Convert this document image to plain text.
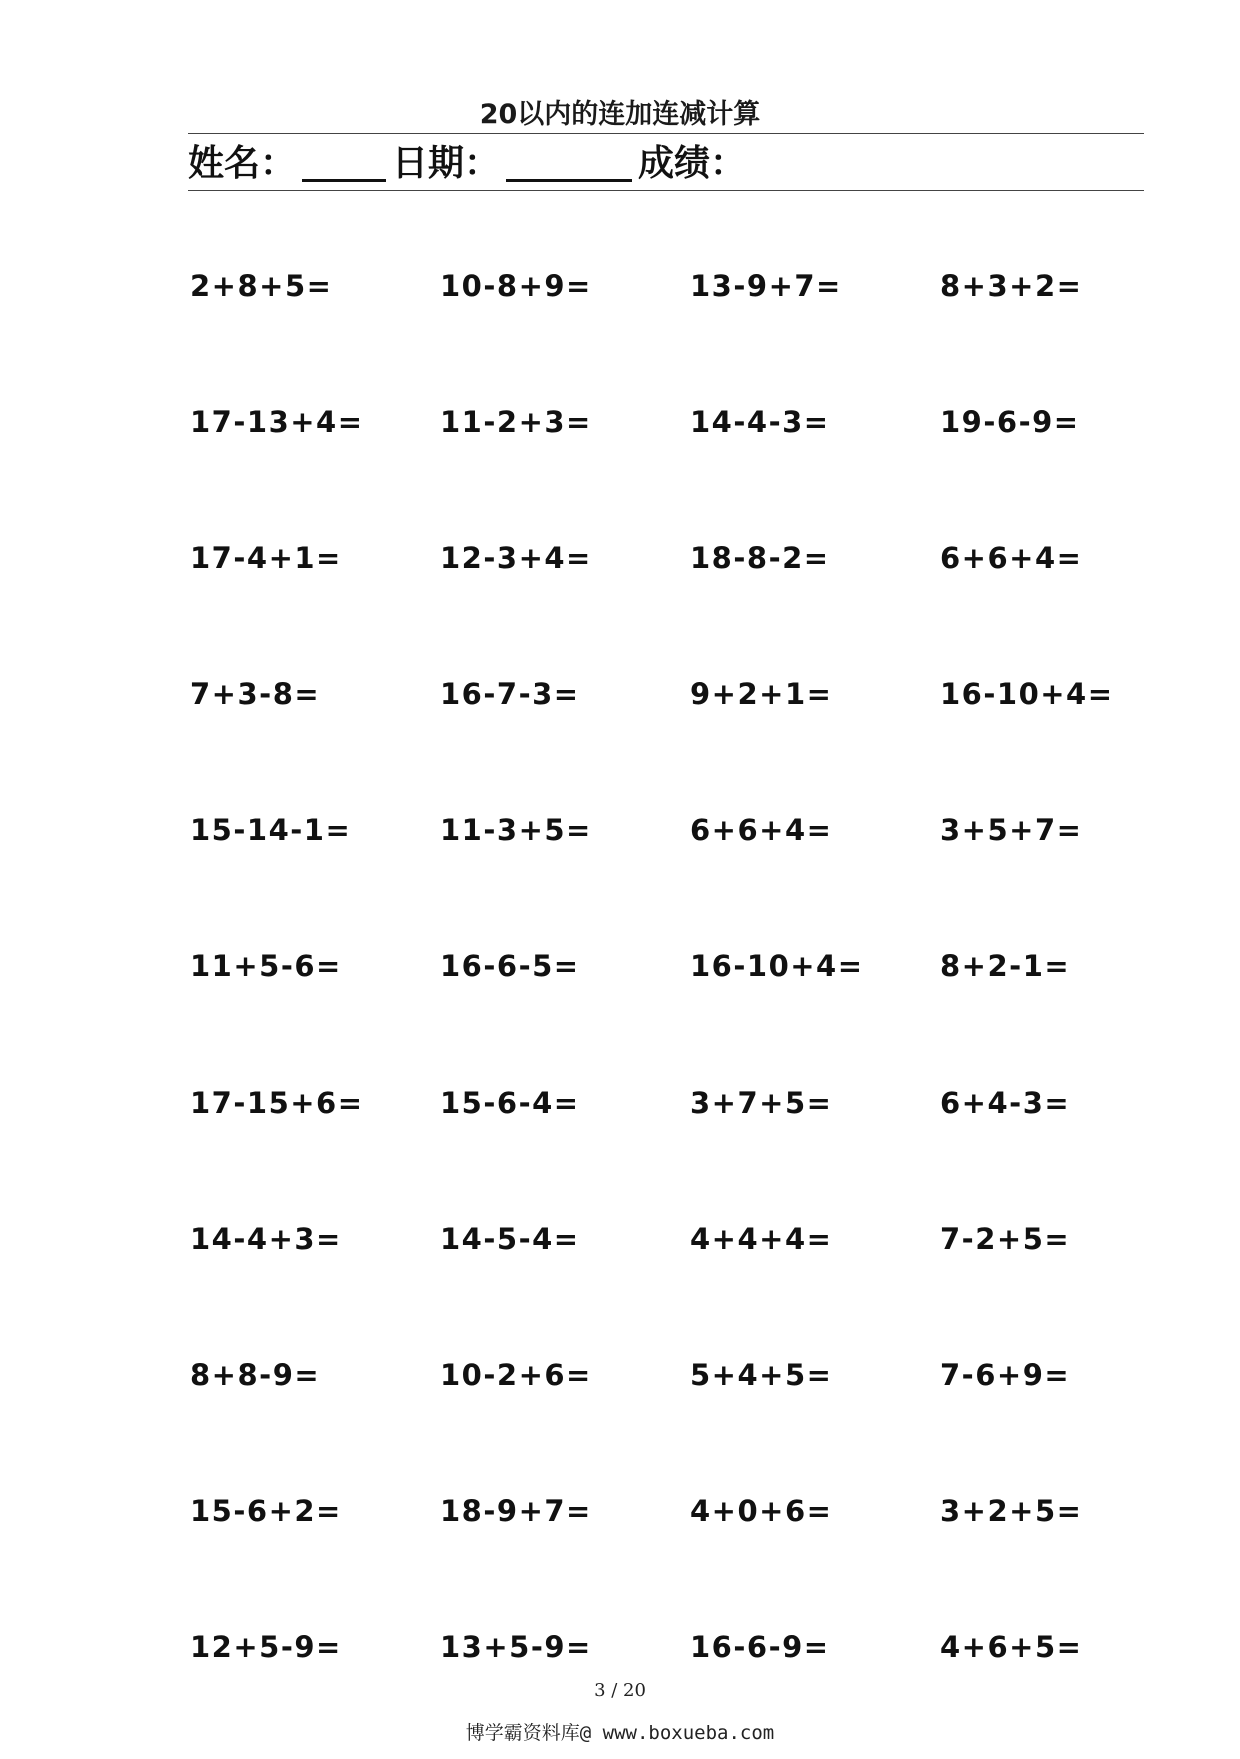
20以内的连加连减计算
姓名：	日期：	成绩：
2+8+5=	10-8+9=	13-9+7=	8+3+2=
17-13+4=	11-2+3=	14-4-3=	19-6-9=
17-4+1=	12-3+4=	18-8-2=	6+6+4=
7+3-8=	16-7-3=	9+2+1=	16-10+4=
15-14-1=	11-3+5=	6+6+4=	3+5+7=
11+5-6=	16-6-5=	16-10+4=	8+2-1=
17-15+6=	15-6-4=	3+7+5=	6+4-3=
14-4+3=	14-5-4=	4+4+4=	7-2+5=
8+8-9=	10-2+6=	5+4+5=	7-6+9=
15-6+2=	18-9+7=	4+0+6=	3+2+5=
12+5-9=	13+5-9=	16-6-9=	4+6+5=
3 / 20
博学霸资料库@ www.boxueba.com
